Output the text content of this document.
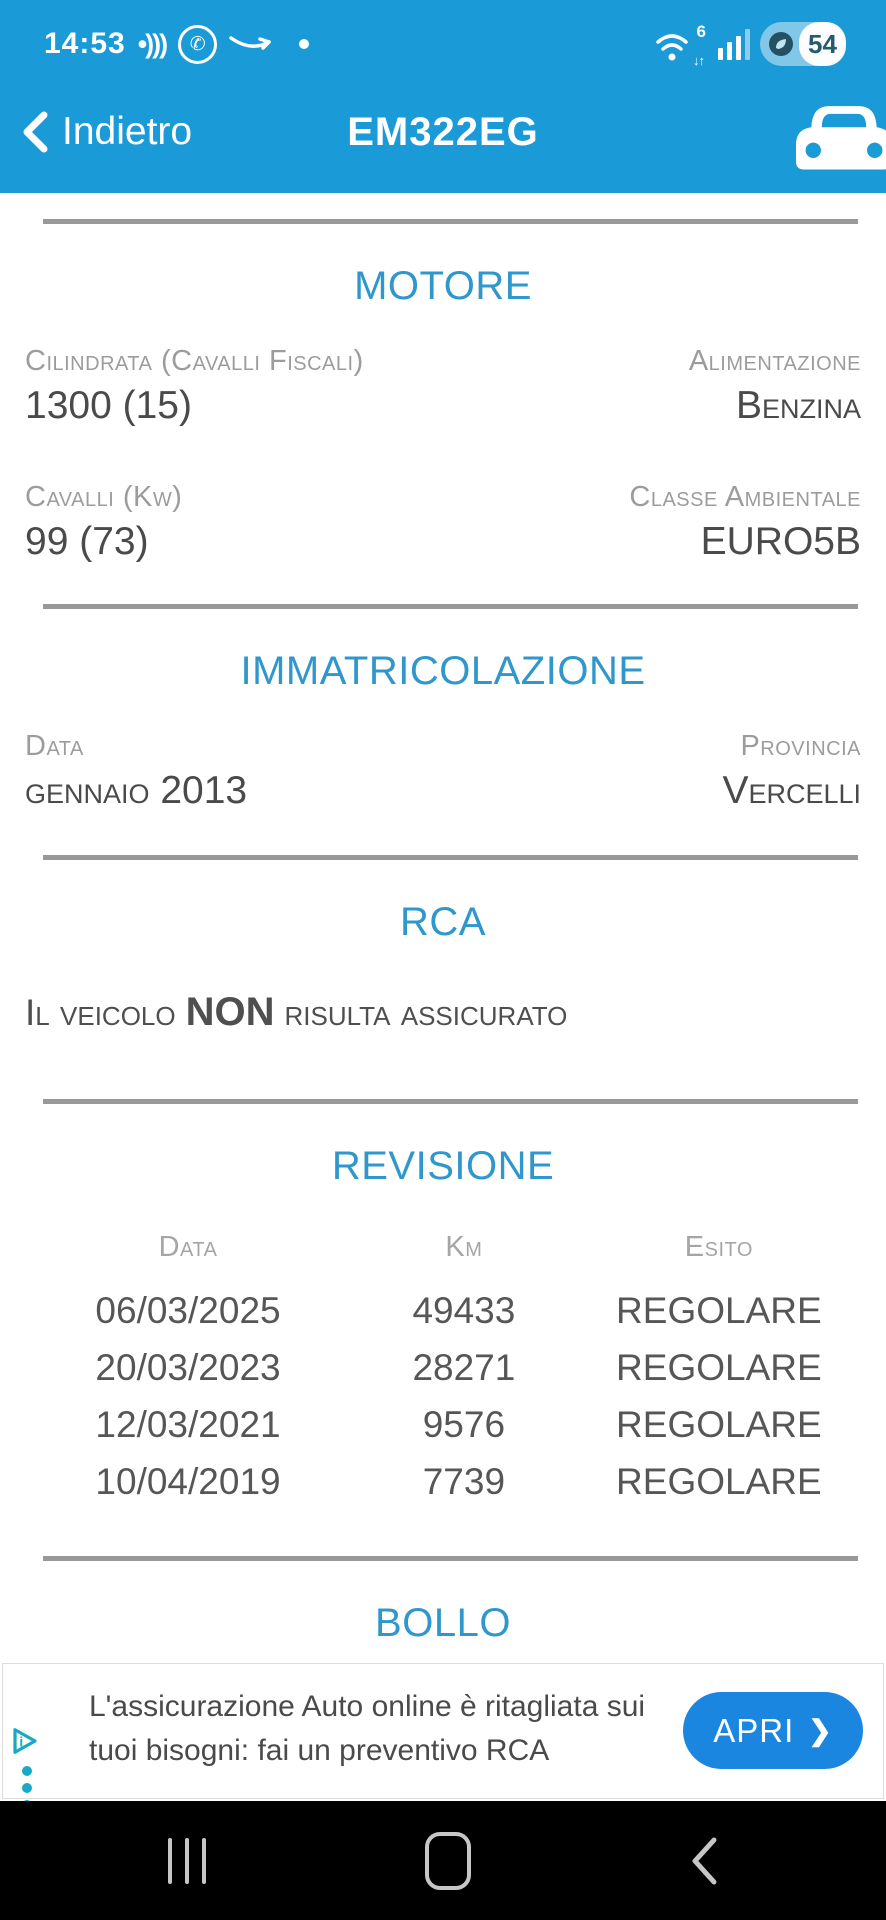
14:53 •)))	✆
6
↓↑
54
Indietro	EM322EG
MOTORE
Cilindrata (Cavalli Fiscali)
1300 (15)
Alimentazione
Benzina
Cavalli (Kw)
99 (73)
Classe Ambientale
EURO5B
IMMATRICOLAZIONE
Data
gennaio 2013
Provincia
Vercelli
RCA
Il veicolo NON risulta assicurato
REVISIONE
Data	Km	Esito
06/03/2025	49433	REGOLARE
20/03/2023	28271	REGOLARE
12/03/2021	9576	REGOLARE
10/04/2019	7739	REGOLARE
BOLLO
i
L'assicurazione Auto online è ritagliata sui tuoi bisogni: fai un preventivo RCA
APRI ❯
